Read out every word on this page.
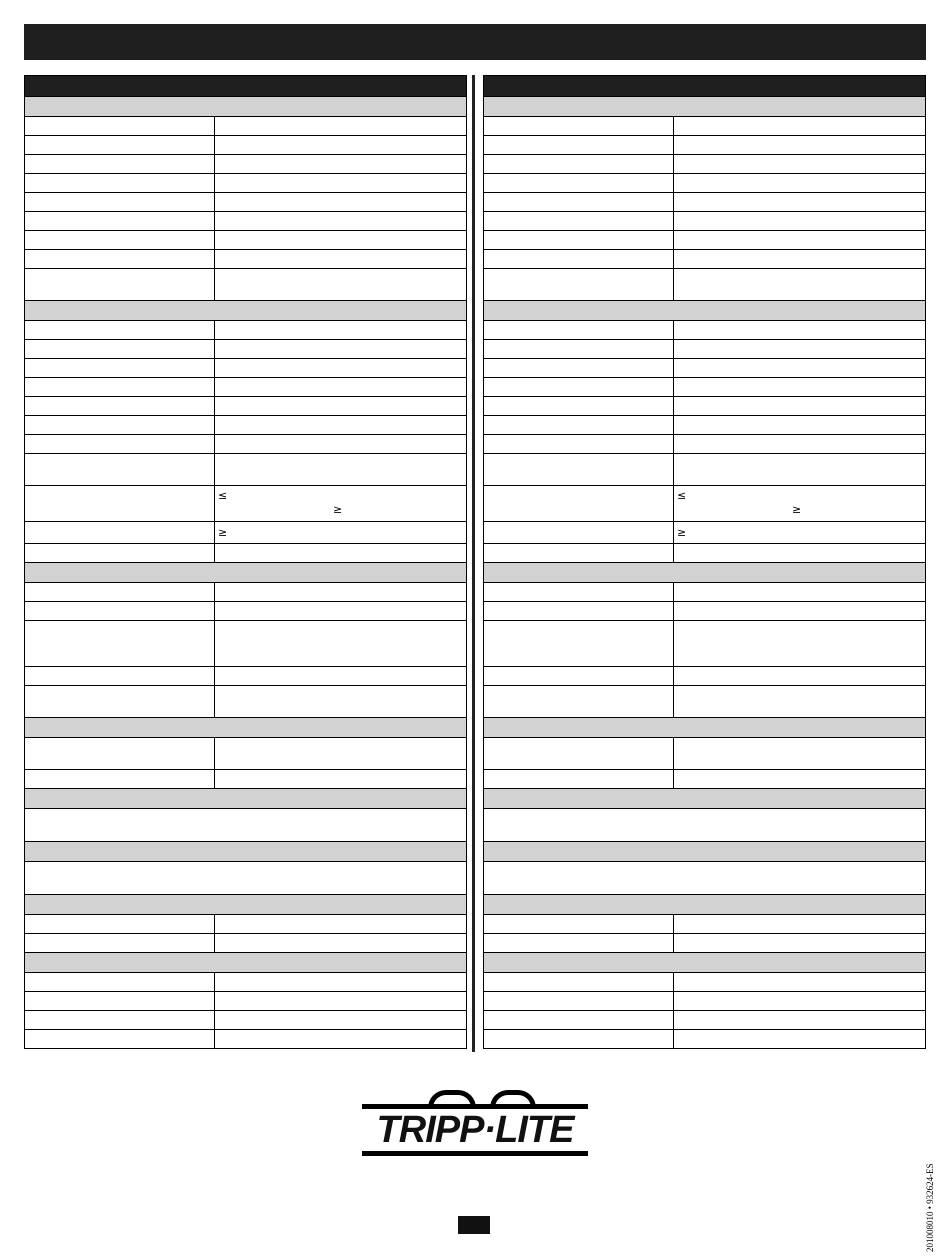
≤
≥
≥
≤
≥
≥
TRIPP·LITE
201008010 • 932624-ES
